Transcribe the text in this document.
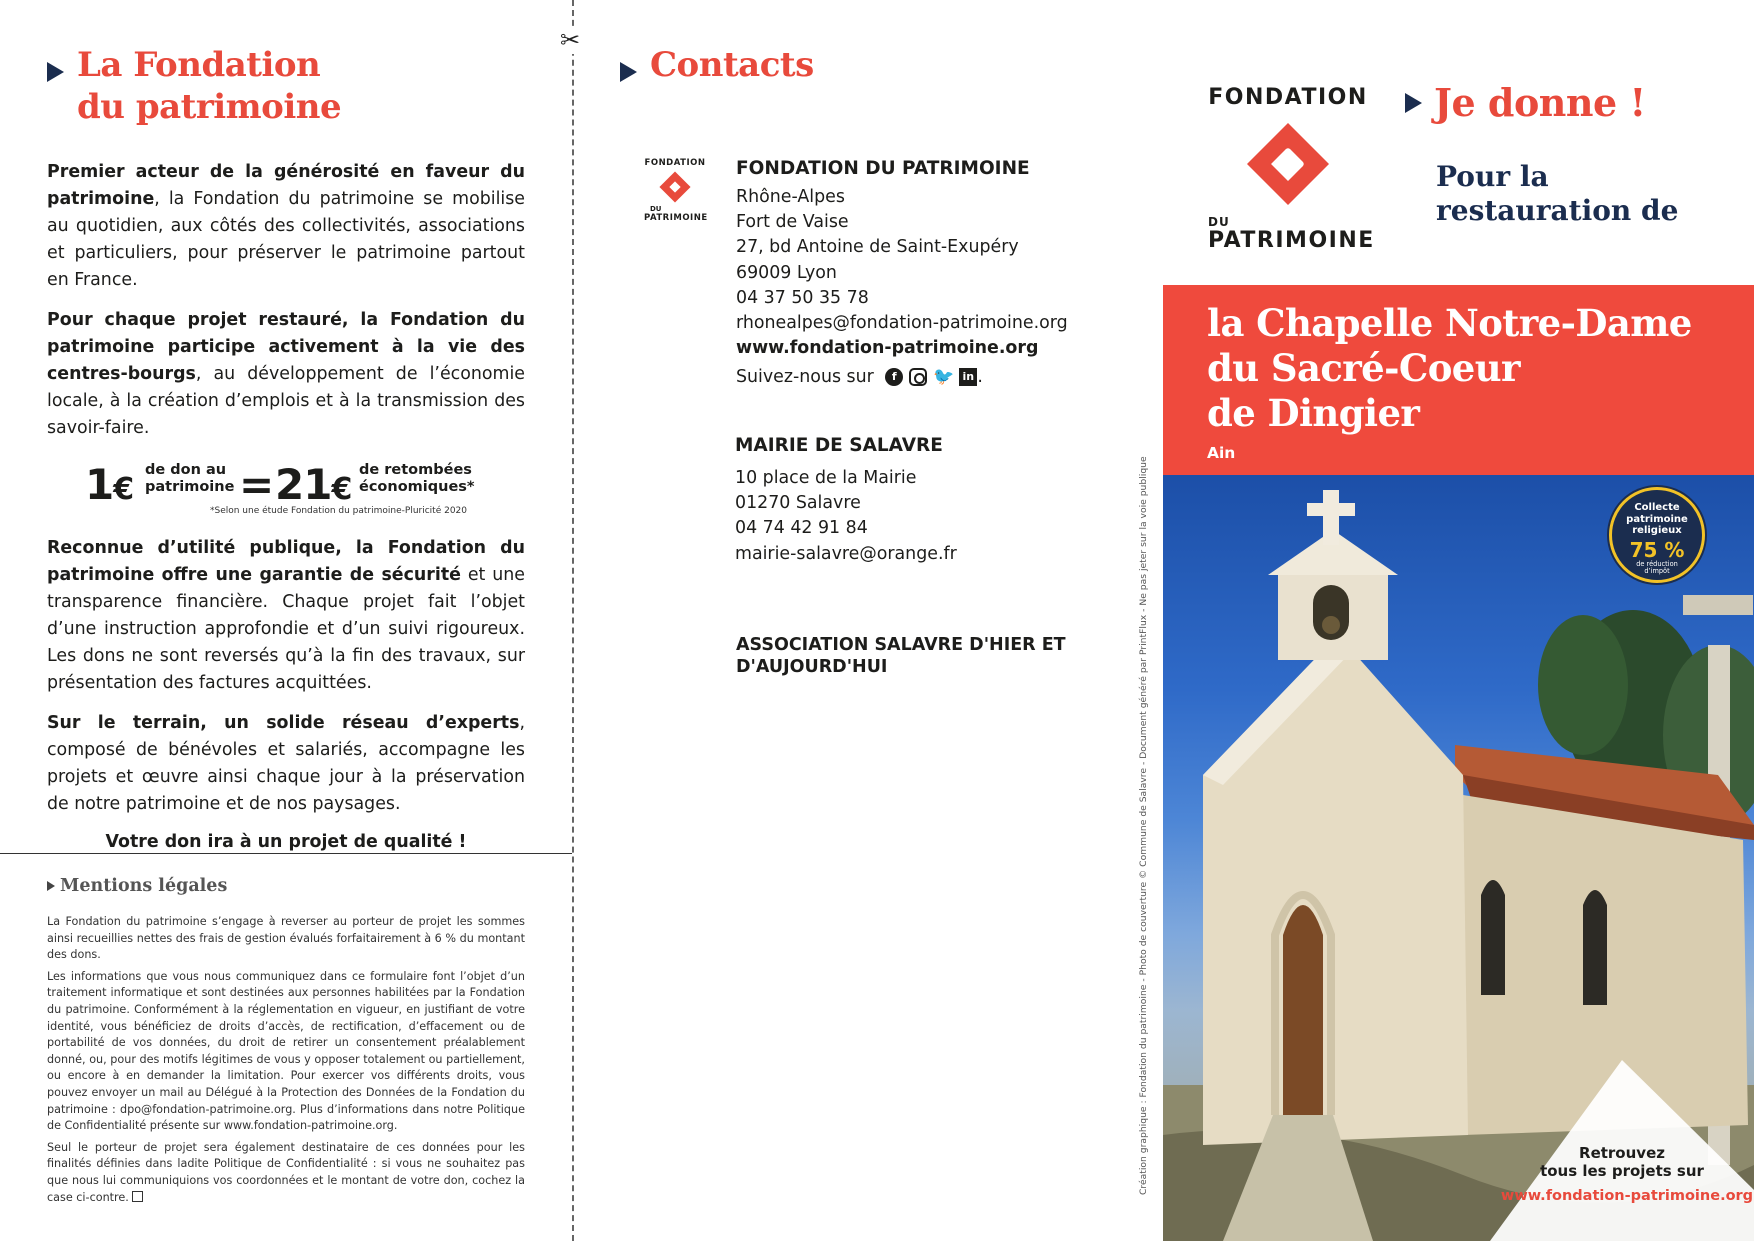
La Fondation
du patrimoine

Premier acteur de la générosité en faveur du patrimoine, la Fondation du patrimoine se mobilise au quotidien, aux côtés des collectivités, associations et particuliers, pour préserver le patrimoine partout en France.

Pour chaque projet restauré, la Fondation du patrimoine participe activement à la vie des centres-bourgs, au développement de l’économie locale, à la création d’emplois et à la transmission des savoir-faire.

1€
de don au
patrimoine = 21€
de retombées
économiques*
*Selon une étude Fondation du patrimoine-Pluricité 2020

Reconnue d’utilité publique, la Fondation du patrimoine offre une garantie de sécurité et une transparence financière. Chaque projet fait l’objet d’une instruction approfondie et d’un suivi rigoureux. Les dons ne sont reversés qu’à la fin des travaux, sur présentation des factures acquittées.

Sur le terrain, un solide réseau d’experts, composé de bénévoles et salariés, accompagne les projets et œuvre ainsi chaque jour à la préservation de notre patrimoine et de nos paysages.

Votre don ira à un projet de qualité !

Mentions légales

La Fondation du patrimoine s’engage à reverser au porteur de projet les sommes ainsi recueillies nettes des frais de gestion évalués forfaitairement à 6 % du montant des dons.

Les informations que vous nous communiquez dans ce formulaire font l’objet d’un traitement informatique et sont destinées aux personnes habilitées par la Fondation du patrimoine. Conformément à la réglementation en vigueur, en justifiant de votre identité, vous bénéficiez de droits d’accès, de rectification, d’effacement ou de portabilité de vos données, du droit de retirer un consentement préalablement donné, ou, pour des motifs légitimes de vous y opposer totalement ou partiellement, ou encore à en demander la limitation. Pour exercer vos différents droits, vous pouvez envoyer un mail au Délégué à la Protection des Données de la Fondation du patrimoine : dpo@fondation-patrimoine.org. Plus d’informations dans notre Politique de Confidentialité présente sur www.fondation-patrimoine.org.

Seul le porteur de projet sera également destinataire de ces données pour les finalités définies dans ladite Politique de Confidentialité : si vous ne souhaitez pas que nous lui communiquions vos coordonnées et le montant de votre don, cochez la case ci-contre.

✂
Contacts
FONDATION
DU
PATRIMOINE
FONDATION DU PATRIMOINE
Rhône-Alpes
Fort de Vaise
27, bd Antoine de Saint-Exupéry
69009 Lyon
04 37 50 35 78
rhonealpes@fondation-patrimoine.org
www.fondation-patrimoine.org
Suivez-nous sur	f	🐦 in .
MAIRIE DE SALAVRE
10 place de la Mairie
01270 Salavre
04 74 42 91 84
mairie-salavre@orange.fr
ASSOCIATION SALAVRE D'HIER ET
D'AUJOURD'HUI	Création graphique : Fondation du patrimoine - Photo de couverture © Commune de Salavre - Document généré par PrintFlux - Ne pas jeter sur la voie publique
FONDATION
DU
PATRIMOINE
Je donne !
Pour la
restauration de
la Chapelle Notre-Dame
du Sacré-Coeur
de Dingier
Ain
Collecte
patrimoine
religieux
75 %
de réduction
d’impôt
Retrouvez
tous les projets sur
www.fondation-patrimoine.org
